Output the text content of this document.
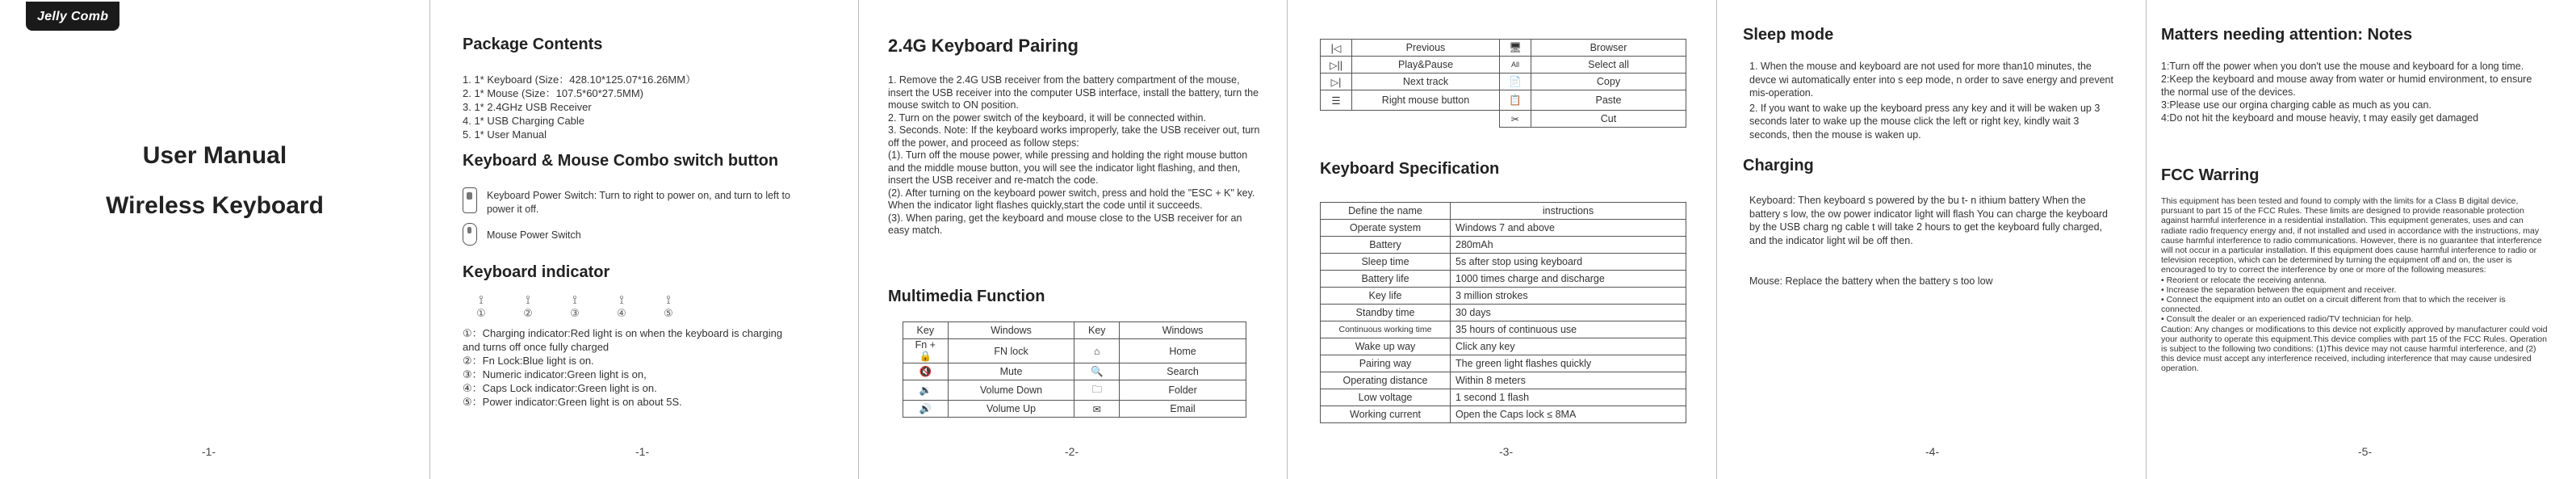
Jelly Comb
User Manual
Wireless Keyboard
-1-
Package Contents
1. 1* Keyboard (Size：428.10*125.07*16.26MM）
2. 1* Mouse (Size：107.5*60*27.5MM)
3. 1* 2.4GHz USB Receiver
4. 1* USB Charging Cable
5. 1* User Manual
Keyboard & Mouse Combo switch button
Keyboard Power Switch: Turn to right to power on, and turn to left to power it off.
Mouse Power Switch
Keyboard indicator
⟟	⟟	⟟	⟟	⟟
①	②	③	④	⑤
①：Charging indicator:Red light is on when the keyboard is charging and turns off once fully charged
②：Fn Lock:Blue light is on.
③：Numeric indicator:Green light is on,
④：Caps Lock indicator:Green light is on.
⑤：Power indicator:Green light is on about 5S.
-1-
2.4G Keyboard Pairing
1. Remove the 2.4G USB receiver from the battery compartment of the mouse, insert the USB receiver into the computer USB interface, install the battery, turn the mouse switch to ON position.
2. Turn on the power switch of the keyboard, it will be connected within.
3. Seconds. Note: If the keyboard works improperly, take the USB receiver out, turn off the power, and proceed as follow steps:
(1). Turn off the mouse power, while pressing and holding the right mouse button and the middle mouse button, you will see the indicator light flashing, and then, insert the USB receiver and re-match the code.
(2). After turning on the keyboard power switch, press and hold the "ESC + K" key. When the indicator light flashes quickly,start the code until it succeeds.
(3). When paring, get the keyboard and mouse close to the USB receiver for an easy match.
Multimedia Function
Key	Windows	Key	Windows
Fn + 🔒	FN lock	⌂	Home
🔇	Mute	🔍	Search
🔉	Volume Down	🗀	Folder
🔊	Volume Up	✉	Email
-2-
|◁	Previous	🖥	Browser
▷||	Play&Pause	All	Select all
▷|	Next track	📄	Copy
☰	Right mouse button	📋	Paste
		✂	Cut
Keyboard Specification
Define the name	instructions
Operate system	Windows 7 and above
Battery	280mAh
Sleep time	5s after stop using keyboard
Battery life	1000 times charge and discharge
Key life	3 million strokes
Standby time	30 days
Continuous working time	35 hours of continuous use
Wake up way	Click any key
Pairing way	The green light flashes quickly
Operating distance	Within 8 meters
Low voltage	1 second 1 flash
Working current	Open the Caps lock ≤ 8MA
-3-
Sleep mode
1. When the mouse and keyboard are not used for more than10 minutes, the devce wi automatically enter into s eep mode, n order to save energy and prevent mis-operation.
2. If you want to wake up the keyboard press any key and it will be waken up 3 seconds later to wake up the mouse click the left or right key, kindly wait 3 seconds, then the mouse is waken up.
Charging
Keyboard: Then keyboard s powered by the bu t- n ithium battery When the battery s low, the ow power indicator light will flash You can charge the keyboard by the USB charg ng cable t will take 2 hours to get the keyboard fully charged, and the indicator light wil be off then.
Mouse: Replace the battery when the battery s too low
-4-
Matters needing attention: Notes
1:Turn off the power when you don't use the mouse and keyboard for a long time.
2:Keep the keyboard and mouse away from water or humid environment, to ensure the normal use of the devices.
3:Please use our orgina charging cable as much as you can.
4:Do not hit the keyboard and mouse heaviy, t may easily get damaged
FCC Warring
This equipment has been tested and found to comply with the limits for a Class B digital device, pursuant to part 15 of the FCC Rules. These limits are designed to provide reasonable protection against harmful interference in a residential installation. This equipment generates, uses and can radiate radio frequency energy and, if not installed and used in accordance with the instructions, may cause harmful interference to radio communications. However, there is no guarantee that interference will not occur in a particular installation. If this equipment does cause harmful interference to radio or television reception, which can be determined by turning the equipment off and on, the user is encouraged to try to correct the interference by one or more of the following measures:
• Reorient or relocate the receiving antenna.
• Increase the separation between the equipment and receiver.
• Connect the equipment into an outlet on a circuit different from that to which the receiver is connected.
• Consult the dealer or an experienced radio/TV technician for help.
Caution: Any changes or modifications to this device not explicitly approved by manufacturer could void your authority to operate this equipment.This device complies with part 15 of the FCC Rules. Operation is subject to the following two conditions: (1)This device may not cause harmful interference, and (2) this device must accept any interference received, including interference that may cause undesired operation.
-5-
